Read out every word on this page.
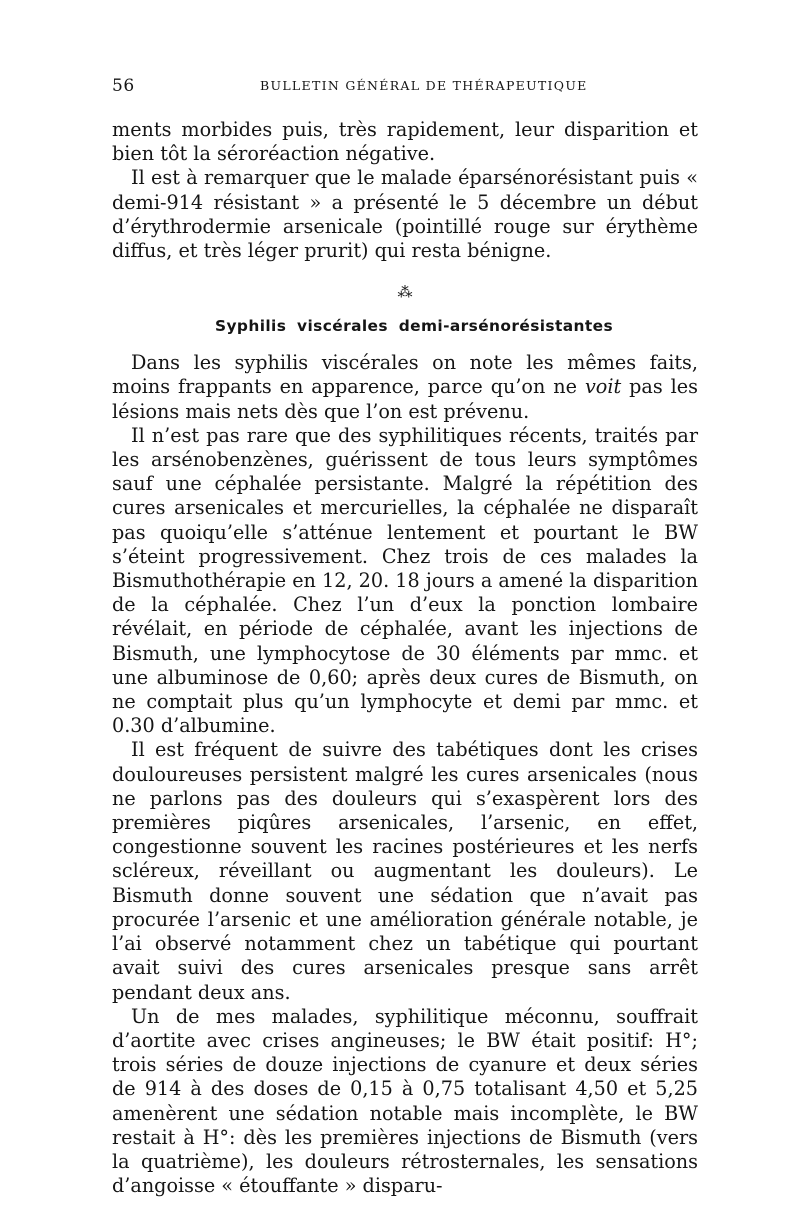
56	BULLETIN GÉNÉRAL DE THÉRAPEUTIQUE

ments morbides puis, très rapidement, leur disparition et bien tôt la séroréaction négative.

Il est à remarquer que le malade éparsénorésistant puis « demi-914 résistant » a présenté le 5 décembre un début d’érythrodermie arsenicale (pointillé rouge sur érythème diffus, et très léger prurit) qui resta bénigne.

⁂
Syphilis viscérales demi-arsénorésistantes

Dans les syphilis viscérales on note les mêmes faits, moins frappants en apparence, parce qu’on ne voit pas les lésions mais nets dès que l’on est prévenu.

Il n’est pas rare que des syphilitiques récents, traités par les arsénobenzènes, guérissent de tous leurs symptômes sauf une céphalée persistante. Malgré la répétition des cures arsenicales et mercurielles, la céphalée ne disparaît pas quoiqu’elle s’atténue lentement et pourtant le BW s’éteint progressivement. Chez trois de ces malades la Bismuthothérapie en 12, 20. 18 jours a amené la disparition de la céphalée. Chez l’un d’eux la ponction lombaire révélait, en période de céphalée, avant les injections de Bismuth, une lymphocytose de 30 éléments par mmc. et une albuminose de 0,60; après deux cures de Bismuth, on ne comptait plus qu’un lymphocyte et demi par mmc. et 0.30 d’albumine.

Il est fréquent de suivre des tabétiques dont les crises douloureuses persistent malgré les cures arsenicales (nous ne parlons pas des douleurs qui s’exaspèrent lors des premières piqûres arsenicales, l’arsenic, en effet, congestionne souvent les racines postérieures et les nerfs scléreux, réveillant ou augmentant les douleurs). Le Bismuth donne souvent une sédation que n’avait pas procurée l’arsenic et une amélioration générale notable, je l’ai observé notamment chez un tabétique qui pourtant avait suivi des cures arsenicales presque sans arrêt pendant deux ans.

Un de mes malades, syphilitique méconnu, souffrait d’aortite avec crises angineuses; le BW était positif: H°; trois séries de douze injections de cyanure et deux séries de 914 à des doses de 0,15 à 0,75 totalisant 4,50 et 5,25 amenèrent une sédation notable mais incomplète, le BW restait à H°: dès les premières injections de Bismuth (vers la quatrième), les douleurs rétrosternales, les sensations d’angoisse « étouffante » disparu-
